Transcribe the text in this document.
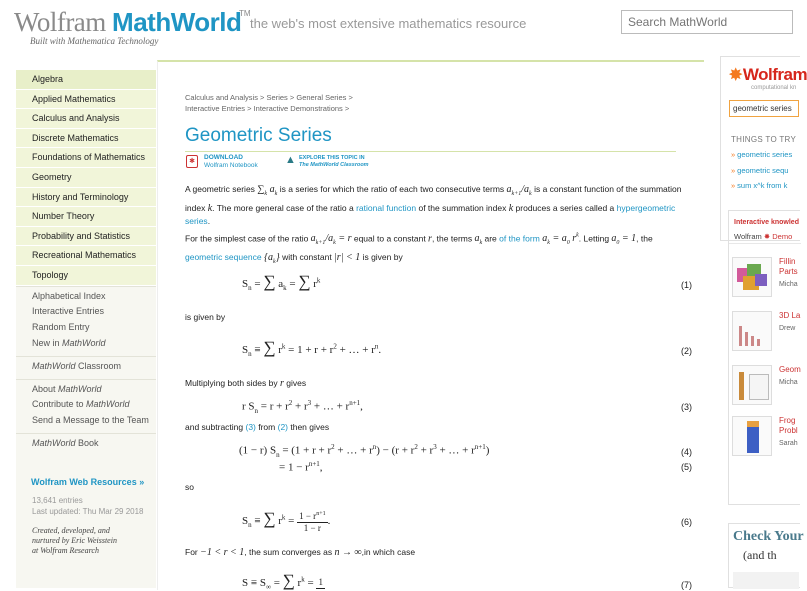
Wolfram MathWorld
TM
Built with Mathematica Technology
the web's most extensive mathematics resource
Search MathWorld
Algebra
Applied Mathematics
Calculus and Analysis
Discrete Mathematics
Foundations of Mathematics
Geometry
History and Terminology
Number Theory
Probability and Statistics
Recreational Mathematics
Topology
Alphabetical Index
Interactive Entries
Random Entry
New in MathWorld
MathWorld Classroom
About MathWorld
Contribute to MathWorld
Send a Message to the Team
MathWorld Book
Wolfram Web Resources »
13,641 entries
Last updated: Thu Mar 29 2018
Created, developed, and
nurtured by Eric Weisstein
at Wolfram Research
Calculus and Analysis > Series > General Series >
Interactive Entries > Interactive Demonstrations >
Geometric Series
✱
DOWNLOAD
Wolfram Notebook ▲ EXPLORE THIS TOPIC IN
The MathWorld Classroom
A geometric series $\sum_k$ $a_k$ is a series for which the ratio of each two consecutive terms $a_{k+1}/a_k$ is a constant function of the summation index k. The more general case of the ratio a rational function of the summation index k produces a series called a hypergeometric series.
For the simplest case of the ratio $a_{k+1}/a_k = r$ equal to a constant r, the terms $a_k$ are of the form $a_k = a_0$ $r^k$. Letting $a_0 = 1$, the geometric sequence $\{a_k\}$ with constant |r| < 1 is given by
$S_n$ = ∑ $a_k$ = ∑ $r^k$	(1)
is given by
$S_n$ ≡ ∑ $r^k = 1 + r + r^2$ + … + $r^n$.	(2)
Multiplying both sides by r gives
r $S_n = r + r^2 + r^3$ + … + $r^{n+1}$,	(3)
and subtracting (3) from (2) then gives
(1 − r) $S_n = (1 + r + r^2$ + … + $r^n) - (r + r^2 + r^3$ + … + $r^{n+1}$)	(4)
= $1 - r^{n+1}$,	(5)
so
$S_n$ ≡ ∑ $r^k = 1 - r^{n+1}$
1 − r.	(6)
For −1 < r < 1, the sum converges as n → ∞,in which case
$S \equiv S_\infty$ = ∑ $r^k = 1$	(7)
✸Wolfram
computational kn
geometric series
THINGS TO TRY
» geometric series
» geometric sequ
» sum x^k from k
Interactive knowled
Wolfram ✸ Demo
Fillin
Parts
Micha
3D La
Drew
Geom
Micha
Frog
Probl
Sarah
Check Your
(and th
